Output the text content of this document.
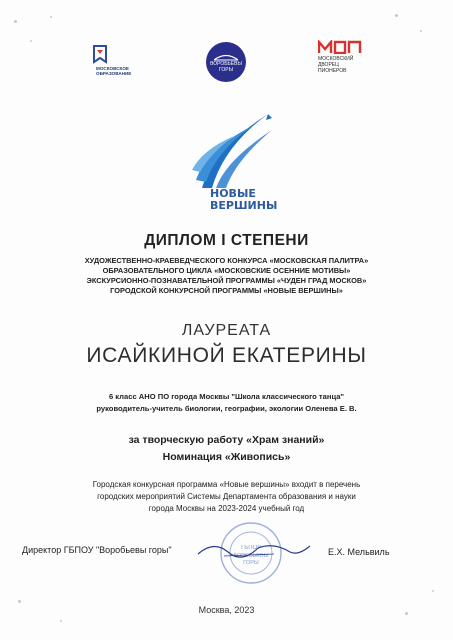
МОСКОВСКОЕ
ОБРАЗОВАНИЕ
ВОРОБЬЕВЫ
ГОРЫ
МОСКОВСКИЙ
ДВОРЕЦ
ПИОНЕРОВ
НОВЫЕ
ВЕРШИНЫ
ДИПЛОМ I СТЕПЕНИ
ХУДОЖЕСТВЕННО-КРАЕВЕДЧЕСКОГО КОНКУРСА «МОСКОВСКАЯ ПАЛИТРА»
ОБРАЗОВАТЕЛЬНОГО ЦИКЛА «МОСКОВСКИЕ ОСЕННИЕ МОТИВЫ»
ЭКСКУРСИОННО-ПОЗНАВАТЕЛЬНОЙ ПРОГРАММЫ «ЧУДЕН ГРАД МОСКОВ»
ГОРОДСКОЙ КОНКУРСНОЙ ПРОГРАММЫ «НОВЫЕ ВЕРШИНЫ»
ЛАУРЕАТА
ИСАЙКИНОЙ ЕКАТЕРИНЫ
6 класс АНО ПО города Москвы "Школа классического танца"
руководитель-учитель биологии, географии, экологии Оленева Е. В.
за творческую работу «Храм знаний»
Номинация «Живопись»
Городская конкурсная программа «Новые вершины» входит в перечень
городских мероприятий Системы Департамента образования и науки
города Москвы на 2023-2024 учебный год
ГБПОУ
ВОРОБЬЕВЫ
ГОРЫ
Директор ГБПОУ "Воробьевы горы"	Е.Х. Мельвиль
Москва, 2023
